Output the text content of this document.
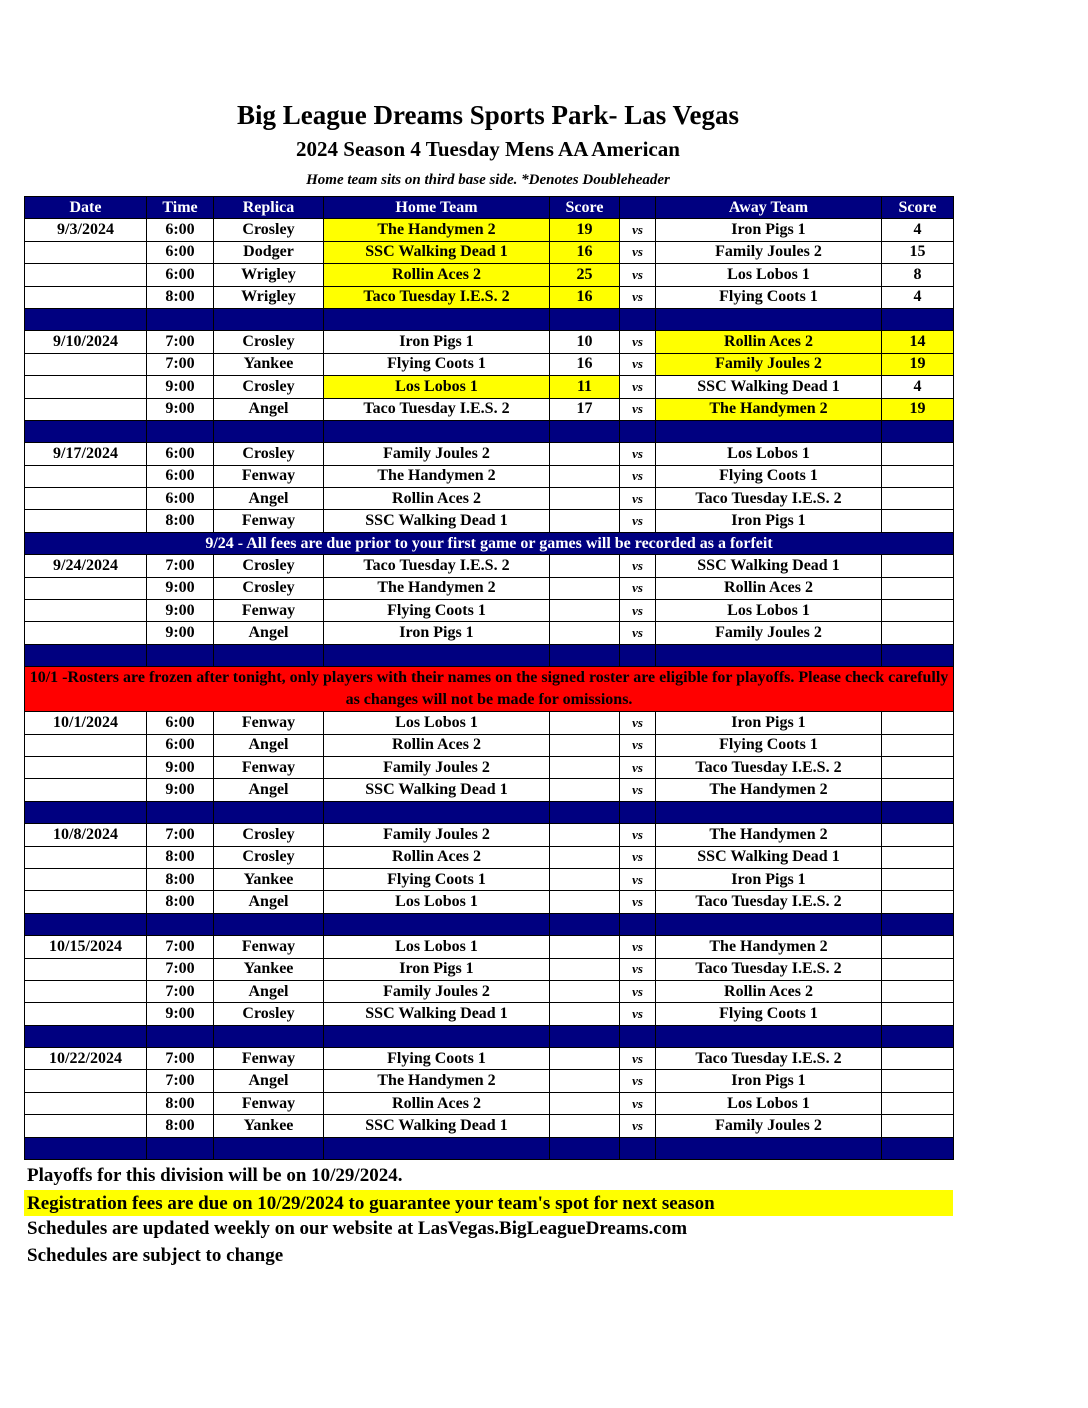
Big League Dreams Sports Park- Las Vegas
2024 Season 4 Tuesday Mens AA American
Home team sits on third base side. *Denotes Doubleheader
Date	Time	Replica	Home Team	Score		Away Team	Score
9/3/2024	6:00	Crosley	The Handymen 2	19	vs	Iron Pigs 1	4
	6:00	Dodger	SSC Walking Dead 1	16	vs	Family Joules 2	15
	6:00	Wrigley	Rollin Aces 2	25	vs	Los Lobos 1	8
	8:00	Wrigley	Taco Tuesday I.E.S. 2	16	vs	Flying Coots 1	4

9/10/2024	7:00	Crosley	Iron Pigs 1	10	vs	Rollin Aces 2	14
	7:00	Yankee	Flying Coots 1	16	vs	Family Joules 2	19
	9:00	Crosley	Los Lobos 1	11	vs	SSC Walking Dead 1	4
	9:00	Angel	Taco Tuesday I.E.S. 2	17	vs	The Handymen 2	19

9/17/2024	6:00	Crosley	Family Joules 2		vs	Los Lobos 1	
	6:00	Fenway	The Handymen 2		vs	Flying Coots 1	
	6:00	Angel	Rollin Aces 2		vs	Taco Tuesday I.E.S. 2	
	8:00	Fenway	SSC Walking Dead 1		vs	Iron Pigs 1	
9/24 - All fees are due prior to your first game or games will be recorded as a forfeit							
9/24/2024	7:00	Crosley	Taco Tuesday I.E.S. 2		vs	SSC Walking Dead 1	
	9:00	Crosley	The Handymen 2		vs	Rollin Aces 2	
	9:00	Fenway	Flying Coots 1		vs	Los Lobos 1	
	9:00	Angel	Iron Pigs 1		vs	Family Joules 2	

10/1 -Rosters are frozen after tonight, only players with their names on the signed roster are eligible for playoffs. Please check carefully as changes will not be made for omissions.							
10/1/2024	6:00	Fenway	Los Lobos 1		vs	Iron Pigs 1	
	6:00	Angel	Rollin Aces 2		vs	Flying Coots 1	
	9:00	Fenway	Family Joules 2		vs	Taco Tuesday I.E.S. 2	
	9:00	Angel	SSC Walking Dead 1		vs	The Handymen 2	

10/8/2024	7:00	Crosley	Family Joules 2		vs	The Handymen 2	
	8:00	Crosley	Rollin Aces 2		vs	SSC Walking Dead 1	
	8:00	Yankee	Flying Coots 1		vs	Iron Pigs 1	
	8:00	Angel	Los Lobos 1		vs	Taco Tuesday I.E.S. 2	

10/15/2024	7:00	Fenway	Los Lobos 1		vs	The Handymen 2	
	7:00	Yankee	Iron Pigs 1		vs	Taco Tuesday I.E.S. 2	
	7:00	Angel	Family Joules 2		vs	Rollin Aces 2	
	9:00	Crosley	SSC Walking Dead 1		vs	Flying Coots 1	

10/22/2024	7:00	Fenway	Flying Coots 1		vs	Taco Tuesday I.E.S. 2	
	7:00	Angel	The Handymen 2		vs	Iron Pigs 1	
	8:00	Fenway	Rollin Aces 2		vs	Los Lobos 1	
	8:00	Yankee	SSC Walking Dead 1		vs	Family Joules 2	

Playoffs for this division will be on 10/29/2024.
Registration fees are due on 10/29/2024 to guarantee your team's spot for next season
Schedules are updated weekly on our website at LasVegas.BigLeagueDreams.com
Schedules are subject to change
